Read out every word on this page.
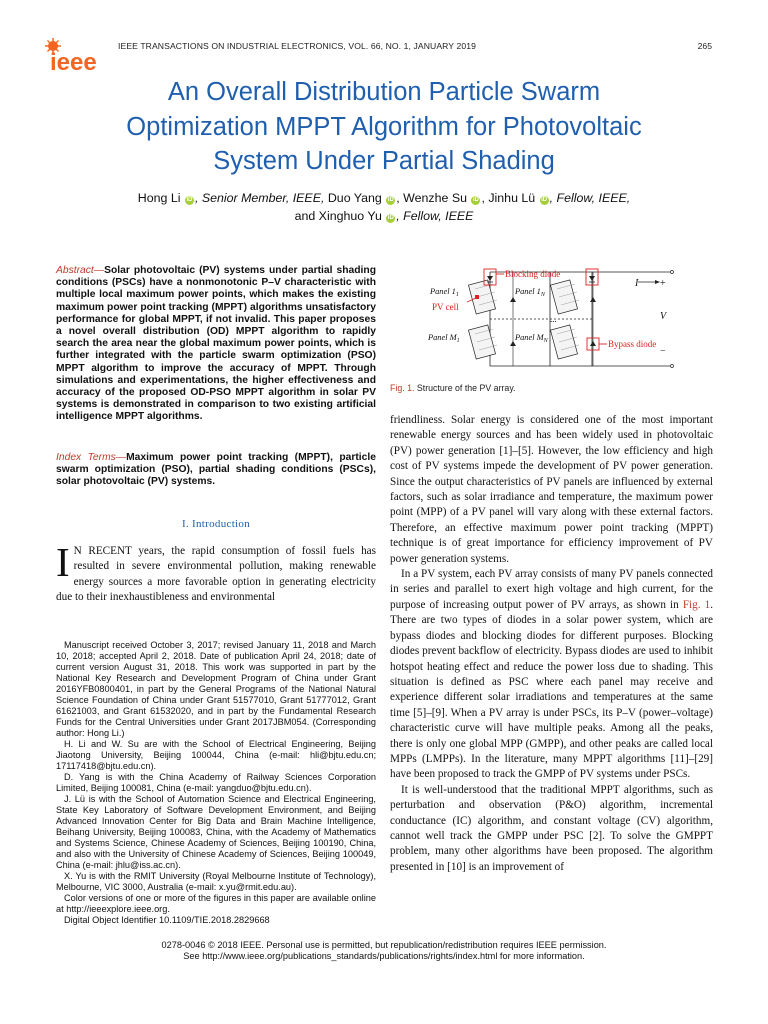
ieee
IEEE TRANSACTIONS ON INDUSTRIAL ELECTRONICS, VOL. 66, NO. 1, JANUARY 2019	265
An Overall Distribution Particle Swarm
Optimization MPPT Algorithm for Photovoltaic
System Under Partial Shading
Hong Li iD , Senior Member, IEEE, Duo Yang iD , Wenzhe Su iD , Jinhu Lü iD , Fellow, IEEE,
and Xinghuo Yu iD , Fellow, IEEE
Abstract—Solar photovoltaic (PV) systems under partial shading conditions (PSCs) have a nonmonotonic P–V characteristic with multiple local maximum power points, which makes the existing maximum power point tracking (MPPT) algorithms unsatisfactory performance for global MPPT, if not invalid. This paper proposes a novel overall distribution (OD) MPPT algorithm to rapidly search the area near the global maximum power points, which is further integrated with the particle swarm optimization (PSO) MPPT algorithm to improve the accuracy of MPPT. Through simulations and experimentations, the higher effectiveness and accuracy of the proposed OD-PSO MPPT algorithm in solar PV systems is demonstrated in comparison to two existing artificial intelligence MPPT algorithms.
Index Terms—Maximum power point tracking (MPPT), particle swarm optimization (PSO), partial shading conditions (PSCs), solar photovoltaic (PV) systems.
I. Introduction
I N RECENT years, the rapid consumption of fossil fuels has resulted in severe environmental pollution, making renewable energy sources a more favorable option in generating electricity due to their inexhaustibleness and environmental

Manuscript received October 3, 2017; revised January 11, 2018 and March 10, 2018; accepted April 2, 2018. Date of publication April 24, 2018; date of current version August 31, 2018. This work was supported in part by the National Key Research and Development Program of China under Grant 2016YFB0800401, in part by the General Programs of the National Natural Science Foundation of China under Grant 51577010, Grant 51777012, Grant 61621003, and Grant 61532020, and in part by the Fundamental Research Funds for the Central Universities under Grant 2017JBM054. (Corresponding author: Hong Li.)

H. Li and W. Su are with the School of Electrical Engineering, Beijing Jiaotong University, Beijing 100044, China (e-mail: hli@bjtu.edu.cn; 17117418@bjtu.edu.cn).

D. Yang is with the China Academy of Railway Sciences Corporation Limited, Beijing 100081, China (e-mail: yangduo@bjtu.edu.cn).

J. Lü is with the School of Automation Science and Electrical Engineering, State Key Laboratory of Software Development Environment, and Beijing Advanced Innovation Center for Big Data and Brain Machine Intelligence, Beihang University, Beijing 100083, China, with the Academy of Mathematics and Systems Science, Chinese Academy of Sciences, Beijing 100190, China, and also with the University of Chinese Academy of Sciences, Beijing 100049, China (e-mail: jhlu@iss.ac.cn).

X. Yu is with the RMIT University (Royal Melbourne Institute of Technology), Melbourne, VIC 3000, Australia (e-mail: x.yu@rmit.edu.au).

Color versions of one or more of the figures in this paper are available online at http://ieeexplore.ieee.org.

Digital Object Identifier 10.1109/TIE.2018.2829668

Blocking diode
Bypass diode
PV cell
Panel $1_1$	Panel $1_N$
Panel $M_1$	Panel $M_N$
I
V
+
−
...
Fig. 1. Structure of the PV array.

friendliness. Solar energy is considered one of the most important renewable energy sources and has been widely used in photovoltaic (PV) power generation [1]–[5]. However, the low efficiency and high cost of PV systems impede the development of PV power generation. Since the output characteristics of PV panels are influenced by external factors, such as solar irradiance and temperature, the maximum power point (MPP) of a PV panel will vary along with these external factors. Therefore, an effective maximum power point tracking (MPPT) technique is of great importance for efficiency improvement of PV power generation systems.

In a PV system, each PV array consists of many PV panels connected in series and parallel to exert high voltage and high current, for the purpose of increasing output power of PV arrays, as shown in Fig. 1. There are two types of diodes in a solar power system, which are bypass diodes and blocking diodes for different purposes. Blocking diodes prevent backflow of electricity. Bypass diodes are used to inhibit hotspot heating effect and reduce the power loss due to shading. This situation is defined as PSC where each panel may receive and experience different solar irradiations and temperatures at the same time [5]–[9]. When a PV array is under PSCs, its P–V (power–voltage) characteristic curve will have multiple peaks. Among all the peaks, there is only one global MPP (GMPP), and other peaks are called local MPPs (LMPPs). In the literature, many MPPT algorithms [11]–[29] have been proposed to track the GMPP of PV systems under PSCs.

It is well-understood that the traditional MPPT algorithms, such as perturbation and observation (P&O) algorithm, incremental conductance (IC) algorithm, and constant voltage (CV) algorithm, cannot well track the GMPP under PSC [2]. To solve the GMPPT problem, many other algorithms have been proposed. The algorithm presented in [10] is an improvement of

0278-0046 © 2018 IEEE. Personal use is permitted, but republication/redistribution requires IEEE permission.
See http://www.ieee.org/publications_standards/publications/rights/index.html for more information.
